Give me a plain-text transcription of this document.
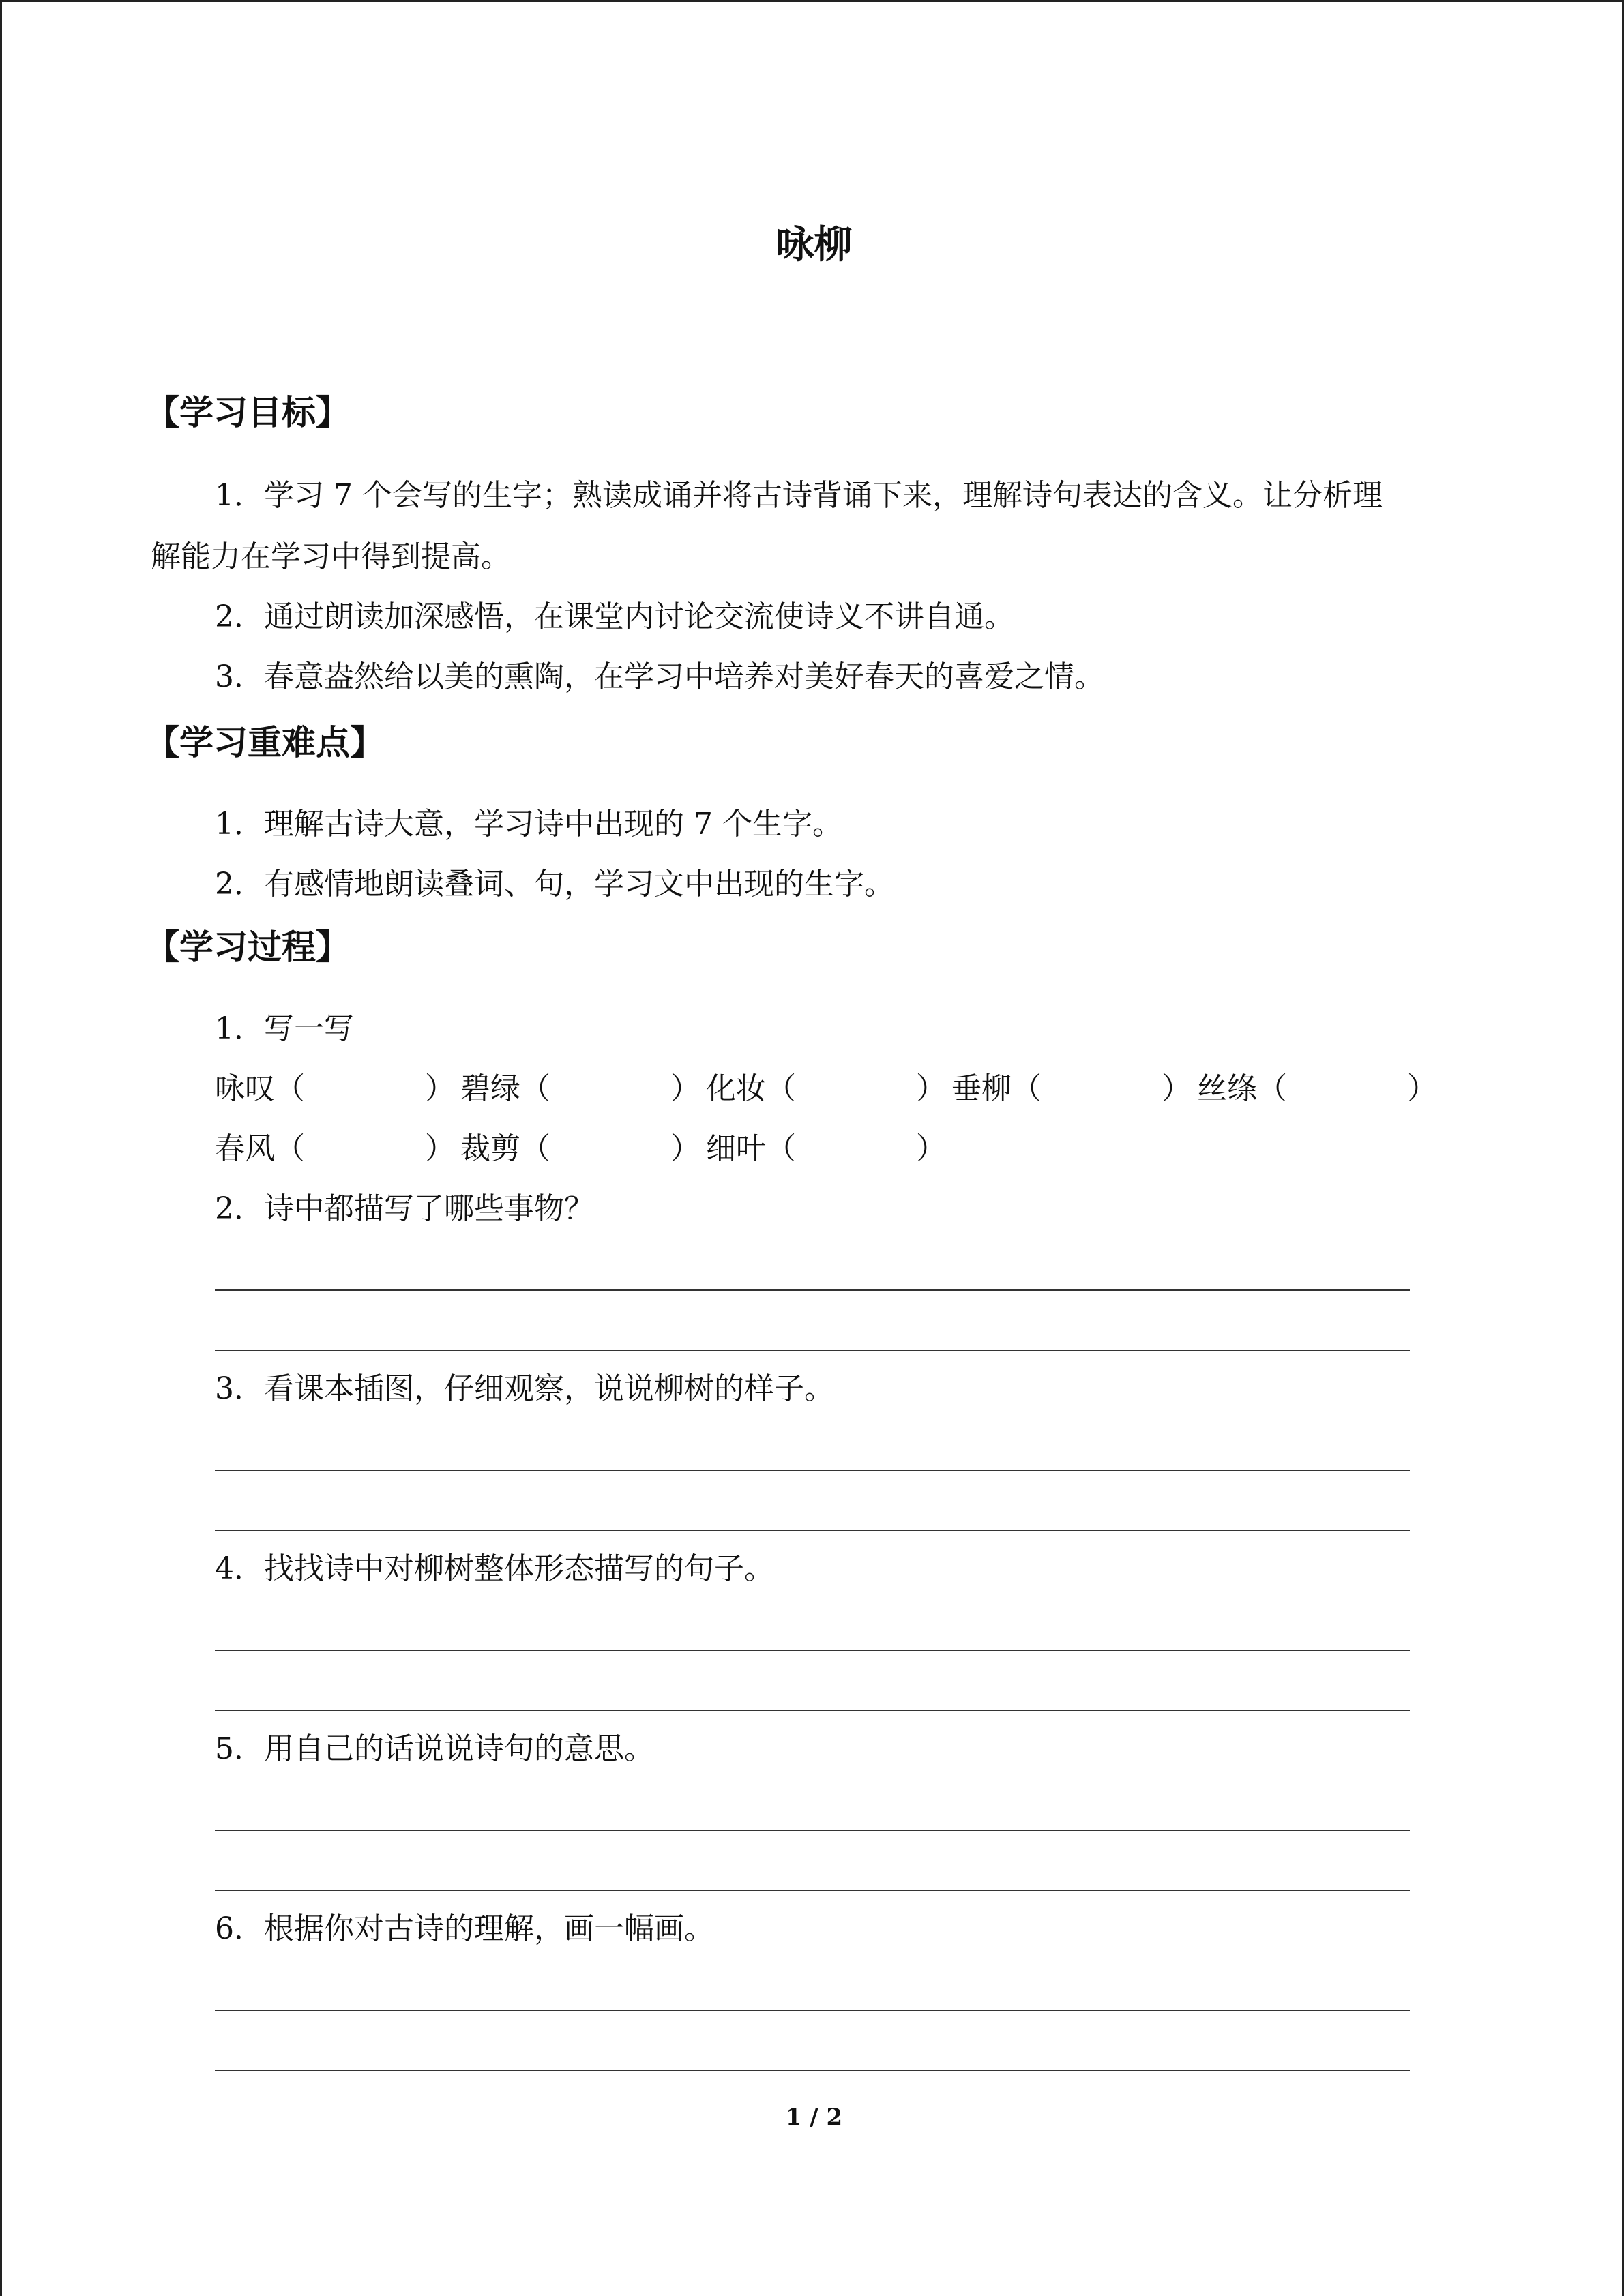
咏柳
【学习目标】
1．学习 7 个会写的生字；熟读成诵并将古诗背诵下来，理解诗句表达的含义。让分析理
解能力在学习中得到提高。
2．通过朗读加深感悟，在课堂内讨论交流使诗义不讲自通。
3．春意盎然给以美的熏陶，在学习中培养对美好春天的喜爱之情。
【学习重难点】
1．理解古诗大意，学习诗中出现的 7 个生字。
2．有感情地朗读叠词、句，学习文中出现的生字。
【学习过程】
1．写一写
咏叹（　　　　） 碧绿（　　　　） 化妆（　　　　） 垂柳（　　　　） 丝绦（　　　　）
春风（　　　　） 裁剪（　　　　） 细叶（　　　　）
2．诗中都描写了哪些事物？
3．看课本插图，仔细观察，说说柳树的样子。
4．找找诗中对柳树整体形态描写的句子。
5．用自己的话说说诗句的意思。
6．根据你对古诗的理解，画一幅画。
1 / 2
